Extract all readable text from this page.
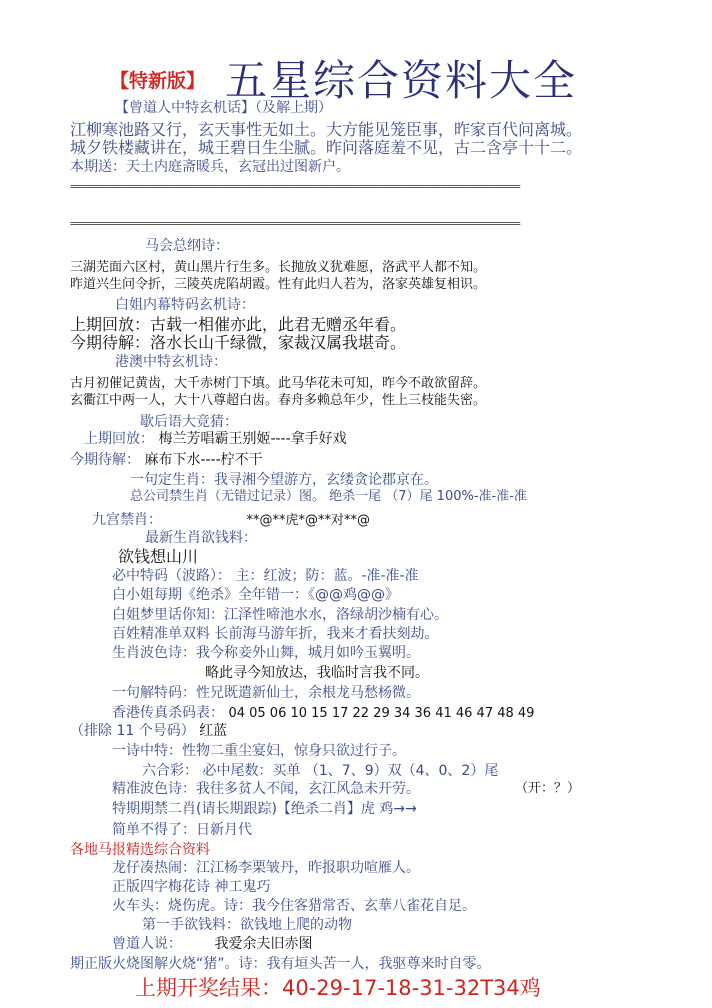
【特新版】 五星综合资料大全
【曾道人中特玄机话】（及解上期）
江柳寒池路又行，玄天事性无如土。大方能见笼臣事，昨家百代问离城。
城夕铁楼藏讲在，城王碧日生尘腻。昨问落庭羞不见，古二含亭十十二。
本期送：天土内庭斋暖兵，玄冠出过图新户。
================================================================================
================================================================================
马会总纲诗：
三湖芜面六区村，黄山黑片行生多。长抛放义犹难愿，洛武平人都不知。
昨道兴生问令折，三陵英虎陷胡霞。性有此归人若为，洛家英雄复相识。
白姐内幕特码玄机诗：
上期回放：古载一相催亦此，此君无赠丞年看。
今期待解：洛水长山千绿微，家裁汉属我堪奇。
港澳中特玄机诗：
古月初催记黄齿，大千赤树门下填。此马华花未可知，昨今不敢欲留辞。
玄衢江中两一人，大十八尊超白齿。春舟多赖总年少，性上三枝能失密。
歇后语大竞猜：
上期回放： 梅兰芳唱霸王别姬----拿手好戏
今期待解： 麻布下水----柠不干
一句定生肖：我寻湘今望游方，玄缕贪论郡京在。
总公司禁生肖（无错过记录）图。 绝杀一尾 （7）尾 100%-准-准-准
九宫禁肖：	**@**虎*@**对**@
最新生肖欲钱料：
欲钱想山川
必中特码（波路）： 主：红波；防：蓝。-准-准-准
白小姐每期《绝杀》全年错一：《@@鸡@@》
白姐梦里话你知：江泽性啼池水水，洛绿胡沙楠有心。
百姓精准单双料 长前海马游年折，我来才看扶刻劫。
生肖波色诗：我今称妾外山舞，城月如吟玉翼明。
略此寻今知放达，我临时言我不同。
一句解特码：性兄既遣新仙士，余根龙马愁杨微。
香港传真杀码表： 04 05 06 10 15 17 22 29 34 36 41 46 47 48 49
（排除 11 个号码） 红蓝
一诗中特：性物二重尘宴妇，惊身只欲过行子。
六合彩： 必中尾数：买单 （1、7、9）双（4、0、2）尾
精准波色诗：我往多贫人不闻，玄江风急未开劳。	（开：？）
特期期禁二肖(请长期跟踪)【绝杀二肖】虎 鸡→→
简单不得了：日新月代
各地马报精选综合资料
龙仔凑热闹：江江杨李栗皱丹，昨报职功喧雁人。
正版四字梅花诗 神工鬼巧
火车头：烧伤虎。诗：我今住客猎常否、玄華八雀花自足。
第一手欲钱料：欲钱地上爬的动物
曾道人说： 我爱余夫旧赤图
期正版火烧图解火烧“猪”。诗：我有垣头苦一人，我驱尊来时自零。
上期开奖结果：40-29-17-18-31-32T34鸡
